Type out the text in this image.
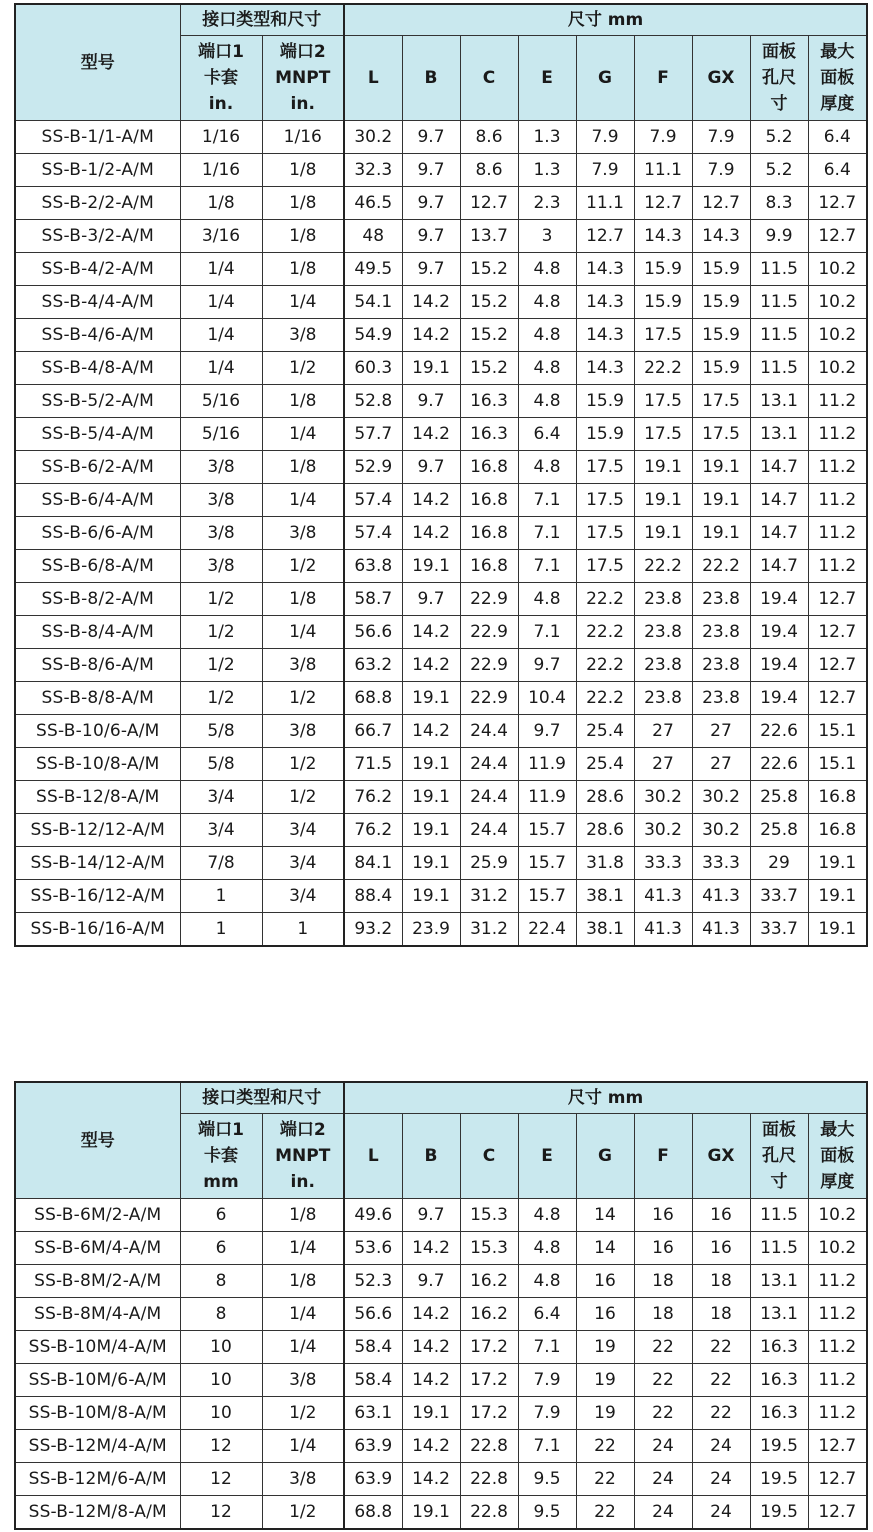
型号	接口类型和尺寸		尺寸 mm								

	端口1
卡套
in.	端口2
MNPT
in.	L	B	C	E	G	F	GX	面板
孔尺
寸	最大
面板
厚度

SS-B-1/1-A/M	1/16	1/16	30.2	9.7	8.6	1.3	7.9	7.9	7.9	5.2	6.4
SS-B-1/2-A/M	1/16	1/8	32.3	9.7	8.6	1.3	7.9	11.1	7.9	5.2	6.4
SS-B-2/2-A/M	1/8	1/8	46.5	9.7	12.7	2.3	11.1	12.7	12.7	8.3	12.7
SS-B-3/2-A/M	3/16	1/8	48	9.7	13.7	3	12.7	14.3	14.3	9.9	12.7
SS-B-4/2-A/M	1/4	1/8	49.5	9.7	15.2	4.8	14.3	15.9	15.9	11.5	10.2
SS-B-4/4-A/M	1/4	1/4	54.1	14.2	15.2	4.8	14.3	15.9	15.9	11.5	10.2
SS-B-4/6-A/M	1/4	3/8	54.9	14.2	15.2	4.8	14.3	17.5	15.9	11.5	10.2
SS-B-4/8-A/M	1/4	1/2	60.3	19.1	15.2	4.8	14.3	22.2	15.9	11.5	10.2
SS-B-5/2-A/M	5/16	1/8	52.8	9.7	16.3	4.8	15.9	17.5	17.5	13.1	11.2
SS-B-5/4-A/M	5/16	1/4	57.7	14.2	16.3	6.4	15.9	17.5	17.5	13.1	11.2
SS-B-6/2-A/M	3/8	1/8	52.9	9.7	16.8	4.8	17.5	19.1	19.1	14.7	11.2
SS-B-6/4-A/M	3/8	1/4	57.4	14.2	16.8	7.1	17.5	19.1	19.1	14.7	11.2
SS-B-6/6-A/M	3/8	3/8	57.4	14.2	16.8	7.1	17.5	19.1	19.1	14.7	11.2
SS-B-6/8-A/M	3/8	1/2	63.8	19.1	16.8	7.1	17.5	22.2	22.2	14.7	11.2
SS-B-8/2-A/M	1/2	1/8	58.7	9.7	22.9	4.8	22.2	23.8	23.8	19.4	12.7
SS-B-8/4-A/M	1/2	1/4	56.6	14.2	22.9	7.1	22.2	23.8	23.8	19.4	12.7
SS-B-8/6-A/M	1/2	3/8	63.2	14.2	22.9	9.7	22.2	23.8	23.8	19.4	12.7
SS-B-8/8-A/M	1/2	1/2	68.8	19.1	22.9	10.4	22.2	23.8	23.8	19.4	12.7
SS-B-10/6-A/M	5/8	3/8	66.7	14.2	24.4	9.7	25.4	27	27	22.6	15.1
SS-B-10/8-A/M	5/8	1/2	71.5	19.1	24.4	11.9	25.4	27	27	22.6	15.1
SS-B-12/8-A/M	3/4	1/2	76.2	19.1	24.4	11.9	28.6	30.2	30.2	25.8	16.8
SS-B-12/12-A/M	3/4	3/4	76.2	19.1	24.4	15.7	28.6	30.2	30.2	25.8	16.8
SS-B-14/12-A/M	7/8	3/4	84.1	19.1	25.9	15.7	31.8	33.3	33.3	29	19.1
SS-B-16/12-A/M	1	3/4	88.4	19.1	31.2	15.7	38.1	41.3	41.3	33.7	19.1
SS-B-16/16-A/M	1	1	93.2	23.9	31.2	22.4	38.1	41.3	41.3	33.7	19.1
型号	接口类型和尺寸		尺寸 mm								

	端口1
卡套
mm	端口2
MNPT
in.	L	B	C	E	G	F	GX	面板
孔尺
寸	最大
面板
厚度

SS-B-6M/2-A/M	6	1/8	49.6	9.7	15.3	4.8	14	16	16	11.5	10.2
SS-B-6M/4-A/M	6	1/4	53.6	14.2	15.3	4.8	14	16	16	11.5	10.2
SS-B-8M/2-A/M	8	1/8	52.3	9.7	16.2	4.8	16	18	18	13.1	11.2
SS-B-8M/4-A/M	8	1/4	56.6	14.2	16.2	6.4	16	18	18	13.1	11.2
SS-B-10M/4-A/M	10	1/4	58.4	14.2	17.2	7.1	19	22	22	16.3	11.2
SS-B-10M/6-A/M	10	3/8	58.4	14.2	17.2	7.9	19	22	22	16.3	11.2
SS-B-10M/8-A/M	10	1/2	63.1	19.1	17.2	7.9	19	22	22	16.3	11.2
SS-B-12M/4-A/M	12	1/4	63.9	14.2	22.8	7.1	22	24	24	19.5	12.7
SS-B-12M/6-A/M	12	3/8	63.9	14.2	22.8	9.5	22	24	24	19.5	12.7
SS-B-12M/8-A/M	12	1/2	68.8	19.1	22.8	9.5	22	24	24	19.5	12.7
